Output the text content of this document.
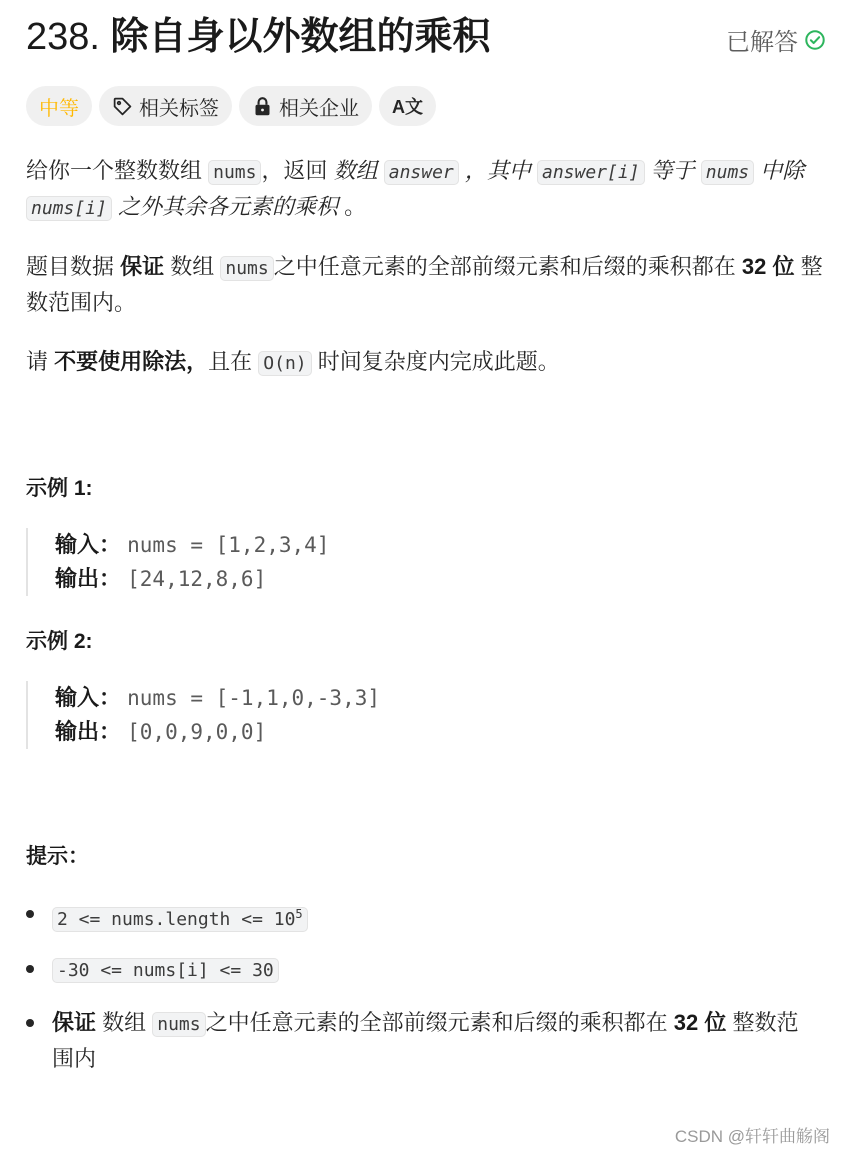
238. 除自身以外数组的乘积	已解答
中等	相关标签	相关企业 A文
给你一个整数数组 nums ，返回 数组 answer ，其中 answer[i] 等于 nums 中除 nums[i] 之外其余各元素的乘积 。
题目数据 保证 数组 nums 之中任意元素的全部前缀元素和后缀的乘积都在 32 位 整数范围内。
请 不要使用除法，且在 O(n) 时间复杂度内完成此题。
示例 1:
输入： nums = [1,2,3,4]
输出： [24,12,8,6]
示例 2:
输入： nums = [-1,1,0,-3,3]
输出： [0,0,9,0,0]
提示：
2 <= nums.length <= $10^5$
-30 <= nums[i] <= 30
保证 数组 nums 之中任意元素的全部前缀元素和后缀的乘积都在 32 位 整数范围内
CSDN @轩轩曲觞阁
